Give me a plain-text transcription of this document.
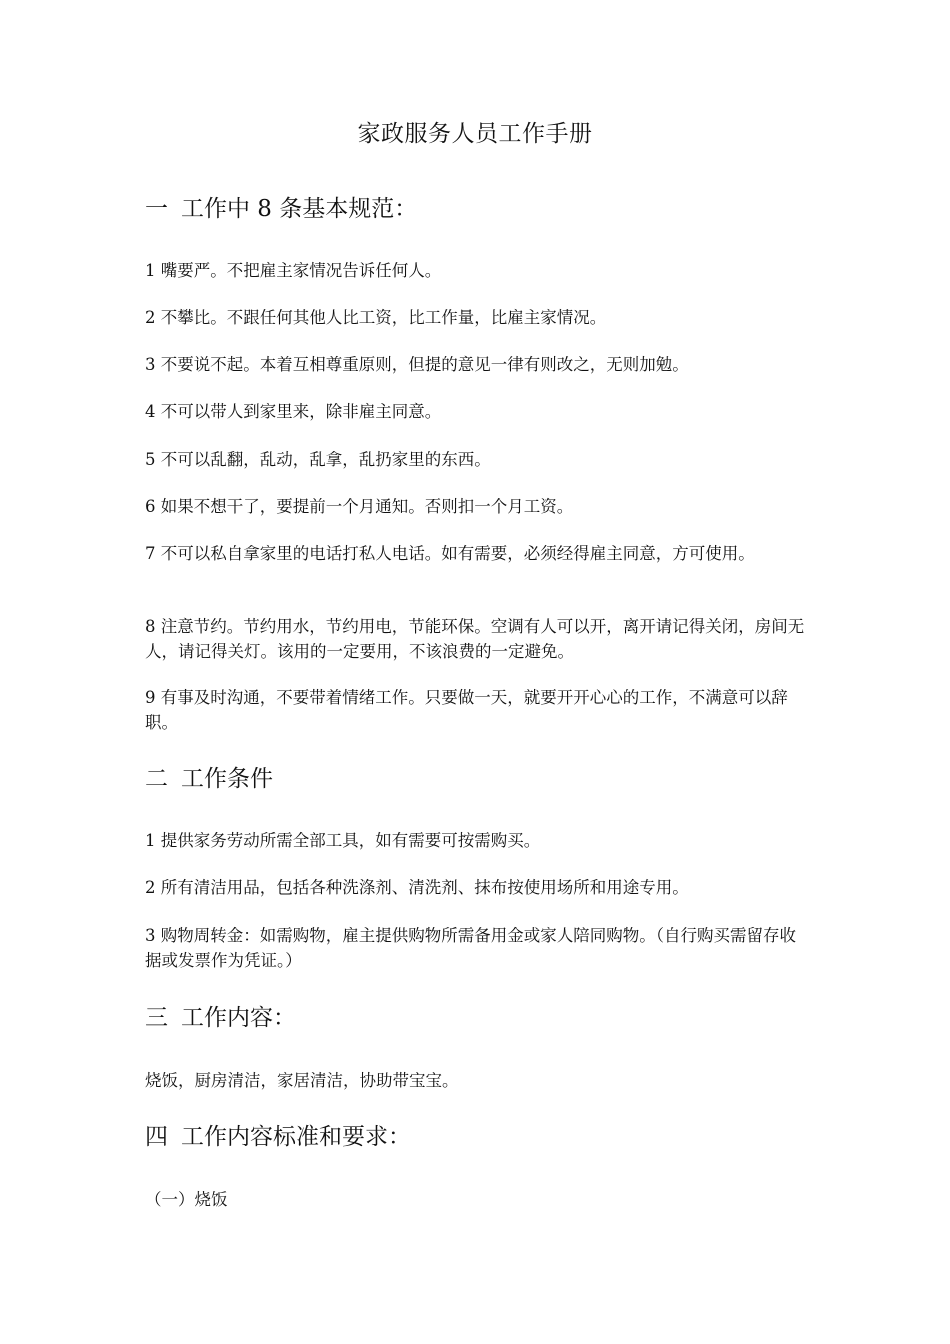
家政服务人员工作手册
一 工作中 8 条基本规范：
1 嘴要严。不把雇主家情况告诉任何人。
2 不攀比。不跟任何其他人比工资，比工作量，比雇主家情况。
3 不要说不起。本着互相尊重原则，但提的意见一律有则改之，无则加勉。
4 不可以带人到家里来，除非雇主同意。
5 不可以乱翻，乱动，乱拿，乱扔家里的东西。
6 如果不想干了，要提前一个月通知。否则扣一个月工资。
7 不可以私自拿家里的电话打私人电话。如有需要，必须经得雇主同意，方可使用。
8 注意节约。节约用水，节约用电，节能环保。空调有人可以开，离开请记得关闭，房间无人，请记得关灯。该用的一定要用，不该浪费的一定避免。
9 有事及时沟通，不要带着情绪工作。只要做一天，就要开开心心的工作，不满意可以辞职。
二 工作条件
1 提供家务劳动所需全部工具，如有需要可按需购买。
2 所有清洁用品，包括各种洗涤剂、清洗剂、抹布按使用场所和用途专用。
3 购物周转金：如需购物，雇主提供购物所需备用金或家人陪同购物。（自行购买需留存收据或发票作为凭证。）
三 工作内容：
烧饭，厨房清洁，家居清洁，协助带宝宝。
四 工作内容标准和要求：
（一）烧饭
